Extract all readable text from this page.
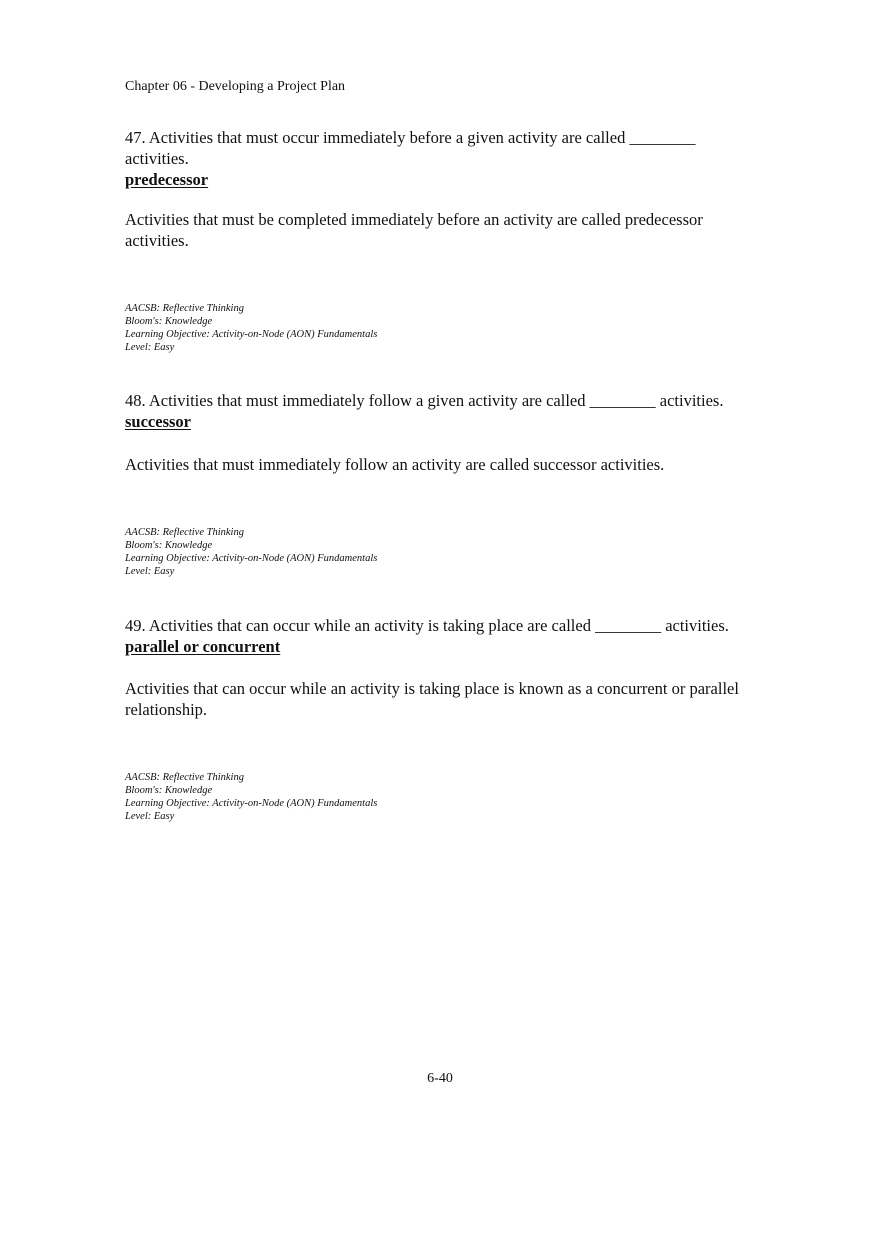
Chapter 06 - Developing a Project Plan
47. Activities that must occur immediately before a given activity are called ________ activities.
predecessor
Activities that must be completed immediately before an activity are called predecessor activities.
AACSB: Reflective Thinking
Bloom's: Knowledge
Learning Objective: Activity-on-Node (AON) Fundamentals
Level: Easy
48. Activities that must immediately follow a given activity are called ________ activities.
successor
Activities that must immediately follow an activity are called successor activities.
AACSB: Reflective Thinking
Bloom's: Knowledge
Learning Objective: Activity-on-Node (AON) Fundamentals
Level: Easy
49. Activities that can occur while an activity is taking place are called ________ activities.
parallel or concurrent
Activities that can occur while an activity is taking place is known as a concurrent or parallel relationship.
AACSB: Reflective Thinking
Bloom's: Knowledge
Learning Objective: Activity-on-Node (AON) Fundamentals
Level: Easy
6-40
